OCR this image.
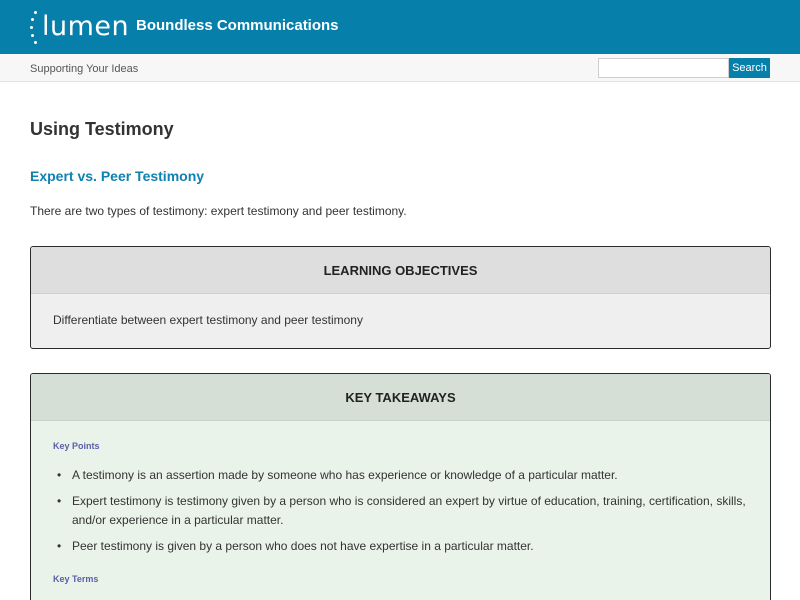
lumen Boundless Communications
Supporting Your Ideas	Search
Using Testimony
Expert vs. Peer Testimony

There are two types of testimony: expert testimony and peer testimony.

LEARNING OBJECTIVES
Differentiate between expert testimony and peer testimony
KEY TAKEAWAYS
Key Points
• A testimony is an assertion made by someone who has experience or knowledge of a particular matter.
• Expert testimony is testimony given by a person who is considered an expert by virtue of education, training, certification, skills, and/or experience in a particular matter.
• Peer testimony is given by a person who does not have expertise in a particular matter.
Key Terms
